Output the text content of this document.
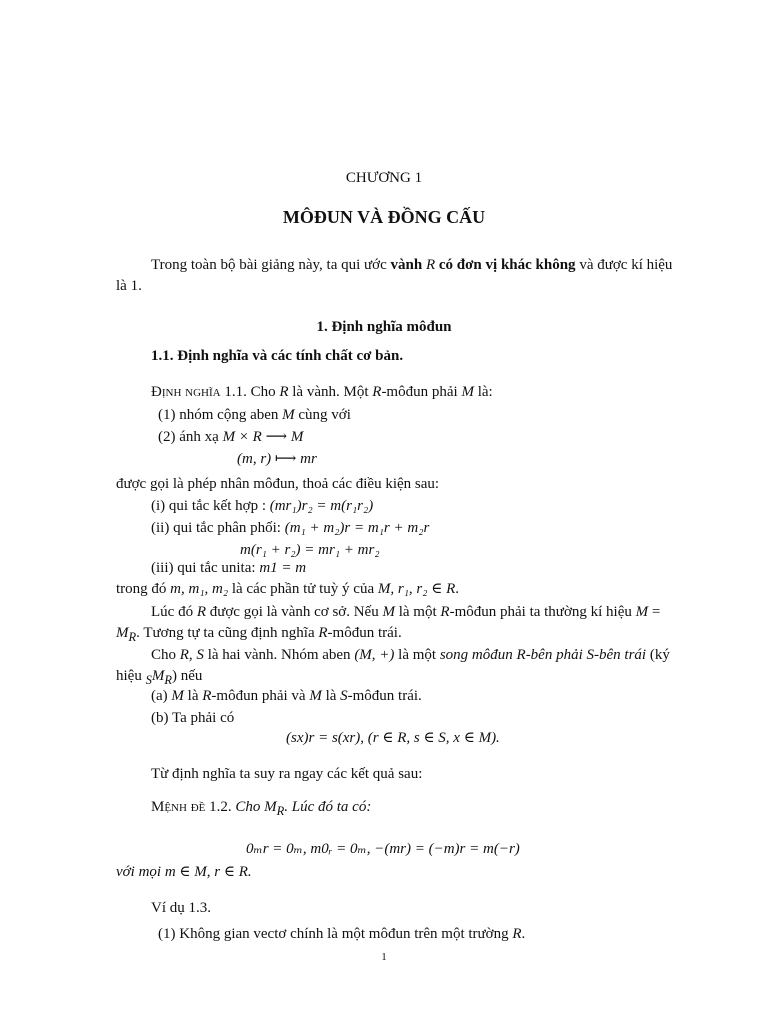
CHƯƠNG 1
MÔĐUN VÀ ĐỒNG CẤU
Trong toàn bộ bài giảng này, ta qui ước vành R có đơn vị khác không và được kí hiệu
là 1.
1. Định nghĩa môđun
1.1. Định nghĩa và các tính chất cơ bản.
Định nghĩa 1.1. Cho R là vành. Một R-môđun phải M là:
(1) nhóm cộng aben M cùng với
(2) ánh xạ M × R ⟶ M
(m, r) ⟼ mr
được gọi là phép nhân môđun, thoả các điều kiện sau:
(i) qui tắc kết hợp : (mr₁)r₂ = m(r₁r₂)
(ii) qui tắc phân phối: (m₁ + m₂)r = m₁r + m₂r
m(r₁ + r₂) = mr₁ + mr₂
(iii) qui tắc unita: m1 = m
trong đó m, m₁, m₂ là các phần tử tuỳ ý của M, r₁, r₂ ∈ R.
Lúc đó R được gọi là vành cơ sở. Nếu M là một R-môđun phải ta thường kí hiệu M =
$M_R$. Tương tự ta cũng định nghĩa R-môđun trái.
Cho R, S là hai vành. Nhóm aben (M, +) là một song môđun R-bên phải S-bên trái (ký
hiệu $_SM_R$) nếu
(a) M là R-môđun phải và M là S-môđun trái.
(b) Ta phải có
(sx)r = s(xr), (r ∈ R, s ∈ S, x ∈ M).
Từ định nghĩa ta suy ra ngay các kết quả sau:
Mệnh đề 1.2. Cho $M_R$. Lúc đó ta có:
0ₘr = 0ₘ, m0ᵣ = 0ₘ, −(mr) = (−m)r = m(−r)
với mọi m ∈ M, r ∈ R.
Ví dụ 1.3.
(1) Không gian vectơ chính là một môđun trên một trường R.
1
